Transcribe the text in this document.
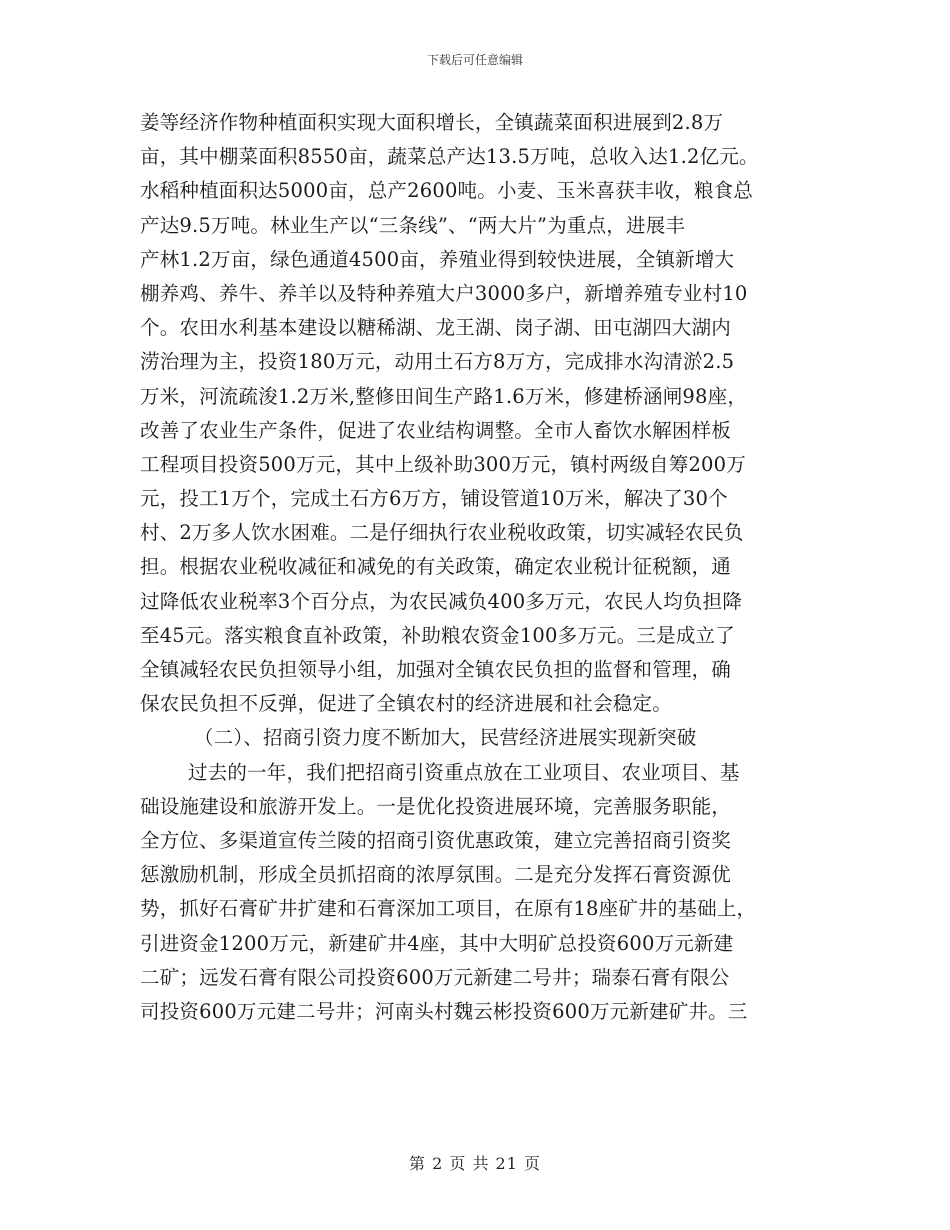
下载后可任意编辑
姜等经济作物种植面积实现大面积增长，全镇蔬菜面积进展到2.8万
亩，其中棚菜面积8550亩，蔬菜总产达13.5万吨，总收入达1.2亿元。
水稻种植面积达5000亩，总产2600吨。小麦、玉米喜获丰收，粮食总
产达9.5万吨。林业生产以“三条线”、“两大片”为重点，进展丰
产林1.2万亩，绿色通道4500亩，养殖业得到较快进展，全镇新增大
棚养鸡、养牛、养羊以及特种养殖大户3000多户，新增养殖专业村10
个。农田水利基本建设以糖稀湖、龙王湖、岗子湖、田屯湖四大湖内
涝治理为主，投资180万元，动用土石方8万方，完成排水沟清淤2.5
万米，河流疏浚1.2万米,整修田间生产路1.6万米，修建桥涵闸98座，
改善了农业生产条件，促进了农业结构调整。全市人畜饮水解困样板
工程项目投资500万元，其中上级补助300万元，镇村两级自筹200万
元，投工1万个，完成土石方6万方，铺设管道10万米，解决了30个
村、2万多人饮水困难。二是仔细执行农业税收政策，切实减轻农民负
担。根据农业税收减征和减免的有关政策，确定农业税计征税额，通
过降低农业税率3个百分点，为农民减负400多万元，农民人均负担降
至45元。落实粮食直补政策，补助粮农资金100多万元。三是成立了
全镇减轻农民负担领导小组，加强对全镇农民负担的监督和管理，确
保农民负担不反弹，促进了全镇农村的经济进展和社会稳定。
（二）、招商引资力度不断加大，民营经济进展实现新突破
过去的一年，我们把招商引资重点放在工业项目、农业项目、基
础设施建设和旅游开发上。一是优化投资进展环境，完善服务职能，
全方位、多渠道宣传兰陵的招商引资优惠政策，建立完善招商引资奖
惩激励机制，形成全员抓招商的浓厚氛围。二是充分发挥石膏资源优
势，抓好石膏矿井扩建和石膏深加工项目，在原有18座矿井的基础上，
引进资金1200万元，新建矿井4座，其中大明矿总投资600万元新建
二矿；远发石膏有限公司投资600万元新建二号井；瑞泰石膏有限公
司投资600万元建二号井；河南头村魏云彬投资600万元新建矿井。三
第 2 页 共 21 页
